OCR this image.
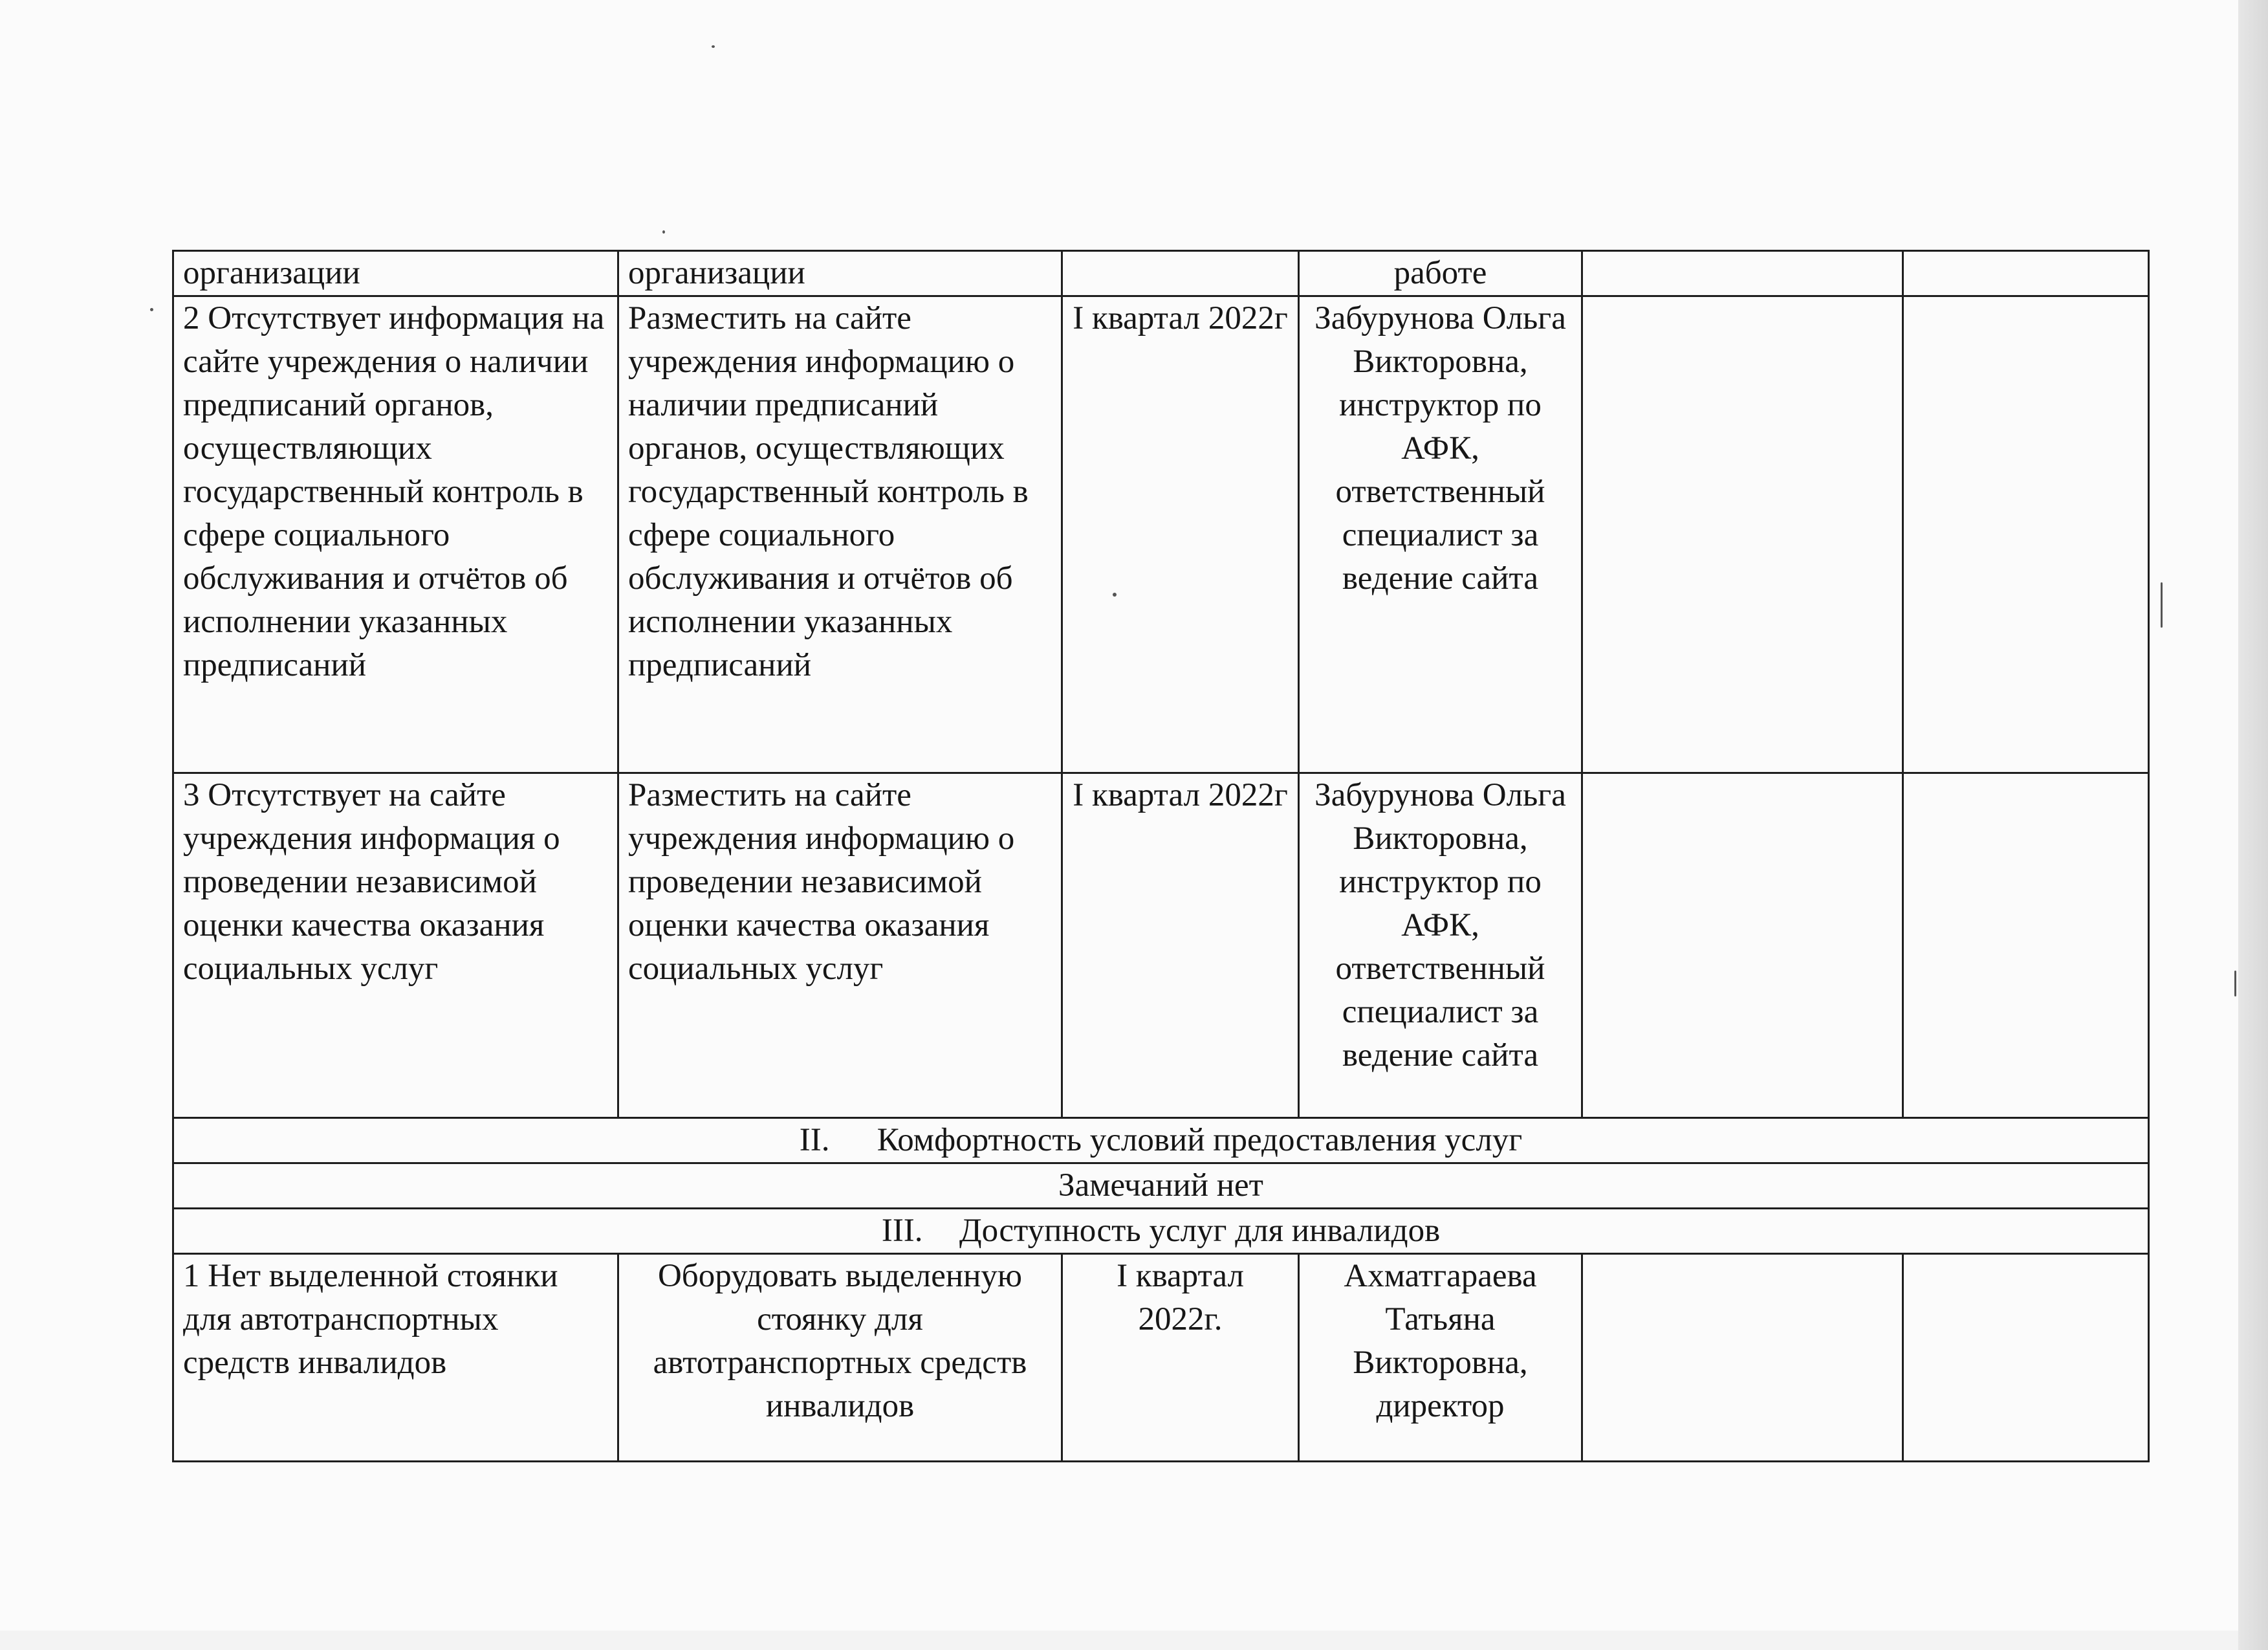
организации	организации		работе		
2 Отсутствует информация на сайте учреждения о наличии предписаний органов, осуществляющих государственный контроль в сфере социального обслуживания и отчётов об исполнении указанных предписаний	Разместить на сайте учреждения информацию о наличии предписаний органов, осуществляющих государственный контроль в сфере социального обслуживания и отчётов об исполнении указанных предписаний	I квартал 2022г	Забурунова Ольга Викторовна, инструктор по АФК, ответственный специалист за ведение сайта		
3 Отсутствует на сайте учреждения информация о проведении независимой оценки качества оказания социальных услуг	Разместить на сайте учреждения информацию о проведении независимой оценки качества оказания социальных услуг	I квартал 2022г	Забурунова Ольга Викторовна, инструктор по АФК, ответственный специалист за ведение сайта		
II. Комфортность условий предоставления услуг					
Замечаний нет					
III. Доступность услуг для инвалидов					
1 Нет выделенной стоянки для автотранспортных средств инвалидов	Оборудовать выделенную стоянку для автотранспортных средств инвалидов	I квартал 2022г.	Ахматгараева Татьяна Викторовна, директор		
